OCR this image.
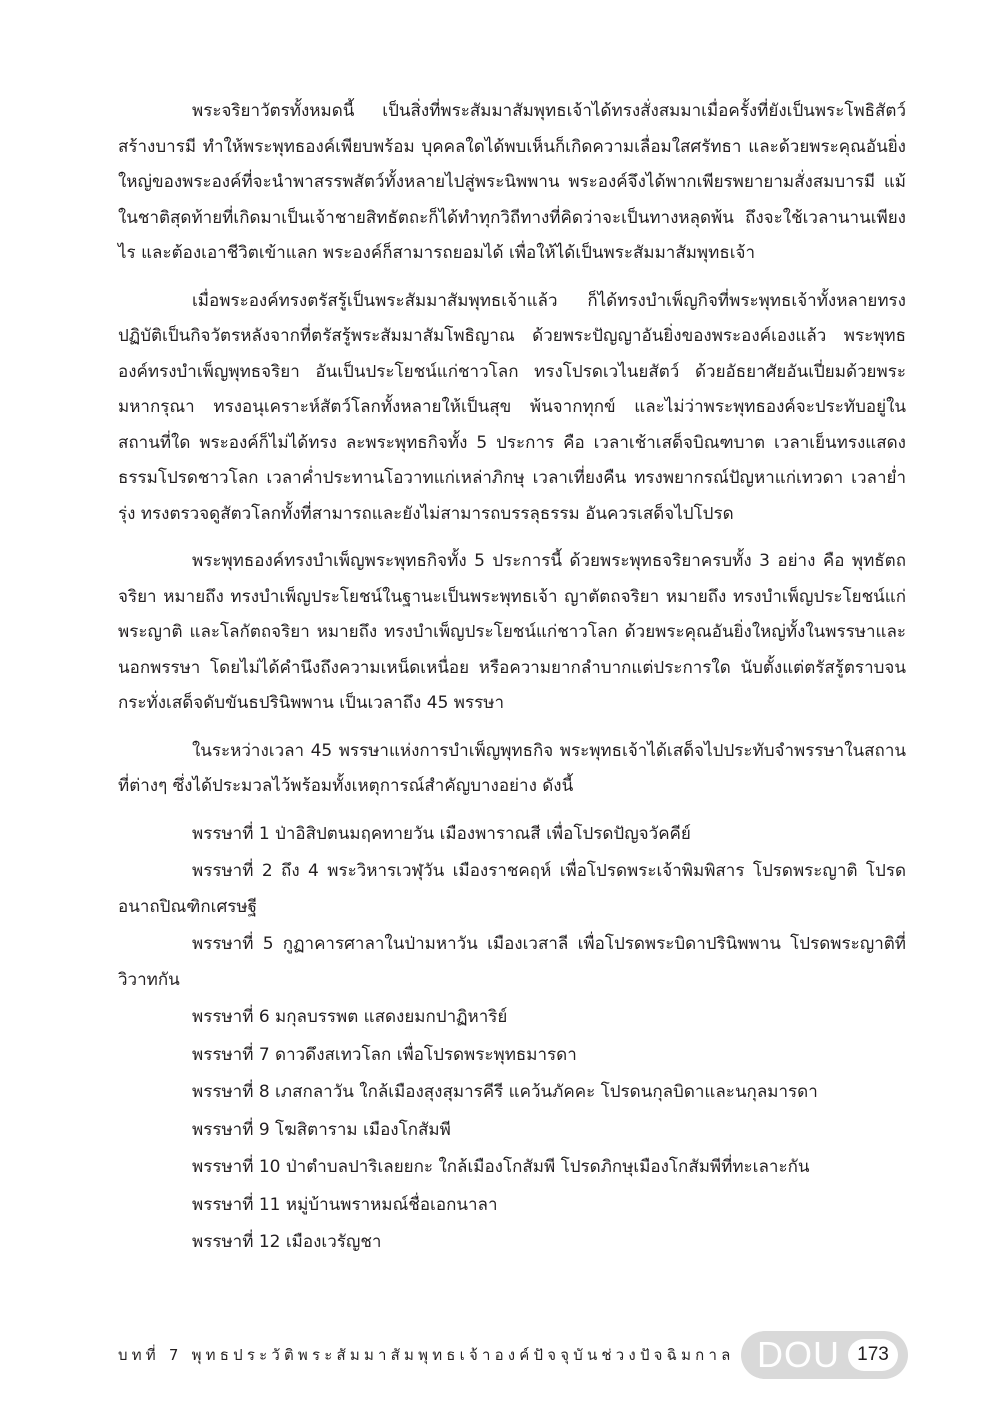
พระจริยาวัตรทั้งหมดนี้ เป็นสิ่งที่พระสัมมาสัมพุทธเจ้าได้ทรงสั่งสมมาเมื่อครั้งที่ยังเป็นพระโพธิสัตว์สร้างบารมี ทำให้พระพุทธองค์เพียบพร้อม บุคคลใดได้พบเห็นก็เกิดความเลื่อมใสศรัทธา และด้วยพระคุณอันยิ่งใหญ่ของพระองค์ที่จะนำพาสรรพสัตว์ทั้งหลายไปสู่พระนิพพาน พระองค์จึงได้พากเพียรพยายามสั่งสมบารมี แม้ในชาติสุดท้ายที่เกิดมาเป็นเจ้าชายสิทธัตถะก็ได้ทำทุกวิถีทางที่คิดว่าจะเป็นทางหลุดพ้น ถึงจะใช้เวลานานเพียงไร และต้องเอาชีวิตเข้าแลก พระองค์ก็สามารถยอมได้ เพื่อให้ได้เป็นพระสัมมาสัมพุทธเจ้า

เมื่อพระองค์ทรงตรัสรู้เป็นพระสัมมาสัมพุทธเจ้าแล้ว ก็ได้ทรงบำเพ็ญกิจที่พระพุทธเจ้าทั้งหลายทรงปฏิบัติเป็นกิจวัตรหลังจากที่ตรัสรู้พระสัมมาสัมโพธิญาณ ด้วยพระปัญญาอันยิ่งของพระองค์เองแล้ว พระพุทธองค์ทรงบำเพ็ญพุทธจริยา อันเป็นประโยชน์แก่ชาวโลก ทรงโปรดเวไนยสัตว์ ด้วยอัธยาศัยอันเปี่ยมด้วยพระมหากรุณา ทรงอนุเคราะห์สัตว์โลกทั้งหลายให้เป็นสุข พ้นจากทุกข์ และไม่ว่าพระพุทธองค์จะประทับอยู่ในสถานที่ใด พระองค์ก็ไม่ได้ทรง ละพระพุทธกิจทั้ง 5 ประการ คือ เวลาเช้าเสด็จบิณฑบาต เวลาเย็นทรงแสดงธรรมโปรดชาวโลก เวลาค่ำประทานโอวาทแก่เหล่าภิกษุ เวลาเที่ยงคืน ทรงพยากรณ์ปัญหาแก่เทวดา เวลาย่ำรุ่ง ทรงตรวจดูสัตวโลกทั้งที่สามารถและยังไม่สามารถบรรลุธรรม อันควรเสด็จไปโปรด

พระพุทธองค์ทรงบำเพ็ญพระพุทธกิจทั้ง 5 ประการนี้ ด้วยพระพุทธจริยาครบทั้ง 3 อย่าง คือ พุทธัตถจริยา หมายถึง ทรงบำเพ็ญประโยชน์ในฐานะเป็นพระพุทธเจ้า ญาตัตถจริยา หมายถึง ทรงบำเพ็ญประโยชน์แก่พระญาติ และโลกัตถจริยา หมายถึง ทรงบำเพ็ญประโยชน์แก่ชาวโลก ด้วยพระคุณอันยิ่งใหญ่ทั้งในพรรษาและนอกพรรษา โดยไม่ได้คำนึงถึงความเหน็ดเหนื่อย หรือความยากลำบากแต่ประการใด นับตั้งแต่ตรัสรู้ตราบจนกระทั่งเสด็จดับขันธปรินิพพาน เป็นเวลาถึง 45 พรรษา

ในระหว่างเวลา 45 พรรษาแห่งการบำเพ็ญพุทธกิจ พระพุทธเจ้าได้เสด็จไปประทับจำพรรษาในสถานที่ต่างๆ ซึ่งได้ประมวลไว้พร้อมทั้งเหตุการณ์สำคัญบางอย่าง ดังนี้

พรรษาที่ 1 ป่าอิสิปตนมฤคทายวัน เมืองพาราณสี เพื่อโปรดปัญจวัคคีย์

พรรษาที่ 2 ถึง 4 พระวิหารเวฬุวัน เมืองราชคฤห์ เพื่อโปรดพระเจ้าพิมพิสาร โปรดพระญาติ โปรดอนาถปิณฑิกเศรษฐี

พรรษาที่ 5 กูฏาคารศาลาในป่ามหาวัน เมืองเวสาลี เพื่อโปรดพระบิดาปรินิพพาน โปรดพระญาติที่วิวาทกัน

พรรษาที่ 6 มกุลบรรพต แสดงยมกปาฏิหาริย์

พรรษาที่ 7 ดาวดึงสเทวโลก เพื่อโปรดพระพุทธมารดา

พรรษาที่ 8 เภสกลาวัน ใกล้เมืองสุงสุมารคีรี แคว้นภัคคะ โปรดนกุลบิดาและนกุลมารดา

พรรษาที่ 9 โฆสิตาราม เมืองโกสัมพี

พรรษาที่ 10 ป่าตำบลปาริเลยยกะ ใกล้เมืองโกสัมพี โปรดภิกษุเมืองโกสัมพีที่ทะเลาะกัน

พรรษาที่ 11 หมู่บ้านพราหมณ์ชื่อเอกนาลา

พรรษาที่ 12 เมืองเวรัญชา

บทที่ 7 พุทธประวัติพระสัมมาสัมพุทธเจ้าองค์ปัจจุบันช่วงปัจฉิมกาล DOU 173
